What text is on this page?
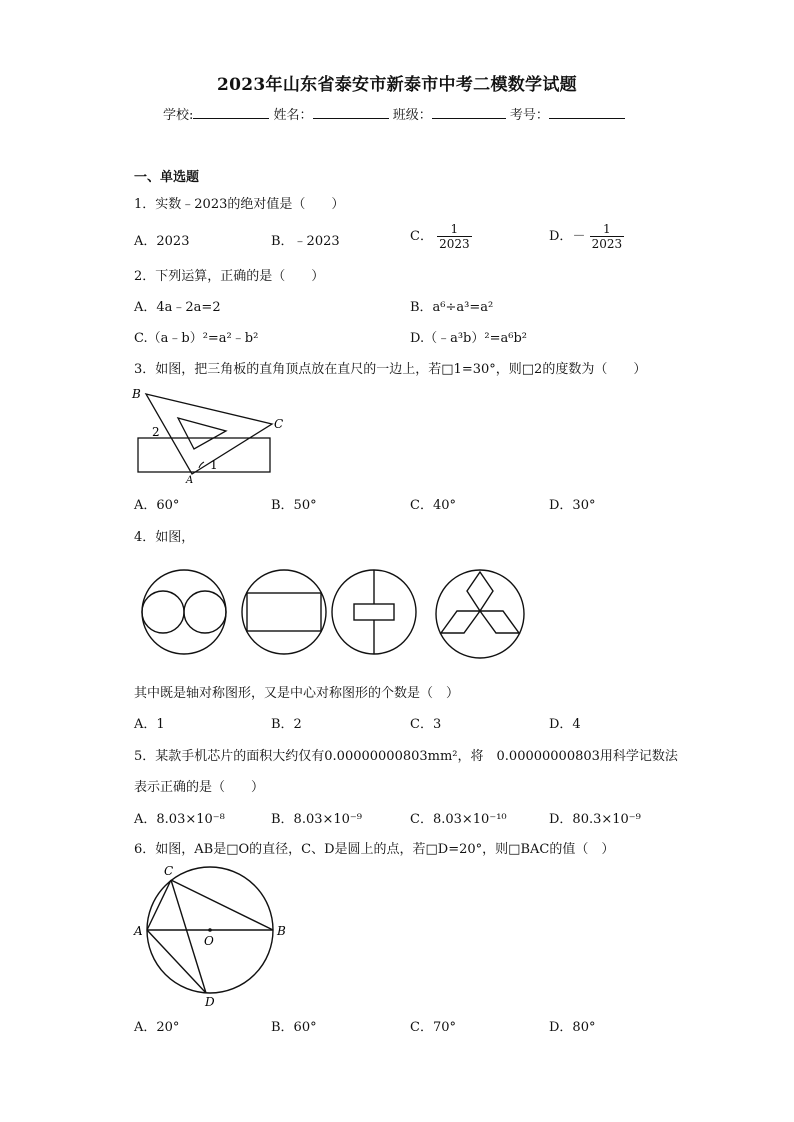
2023年山东省泰安市新泰市中考二模数学试题
学校:	姓名：	班级：	考号：
一、单选题
1．实数﹣2023的绝对值是（　　）
A．2023	B．﹣2023	C． $\frac{1}{2023}$	D．－ $\frac{1}{2023}$
2．下列运算，正确的是（　　）
A．4a﹣2a=2	B．a⁶÷a³=a²
C.（a﹣b）²=a²﹣b²	D.（﹣a³b）²=a⁶b²
3．如图，把三角板的直角顶点放在直尺的一边上，若□1=30°，则□2的度数为（　　）
B
C
A
1
2
A．60°	B．50°	C．40°	D．30°
4．如图，
其中既是轴对称图形，又是中心对称图形的个数是（　）
A．1	B．2	C．3	D．4
5．某款手机芯片的面积大约仅有0.00000000803mm²，将　0.00000000803用科学记数法
表示正确的是（　　）
A．8.03×10⁻⁸	B．8.03×10⁻⁹	C．8.03×10⁻¹⁰	D．80.3×10⁻⁹
6．如图，AB是□O的直径，C、D是圆上的点，若□D=20°，则□BAC的值（　）
A	B
C
D
O
A．20°	B．60°	C．70°	D．80°
